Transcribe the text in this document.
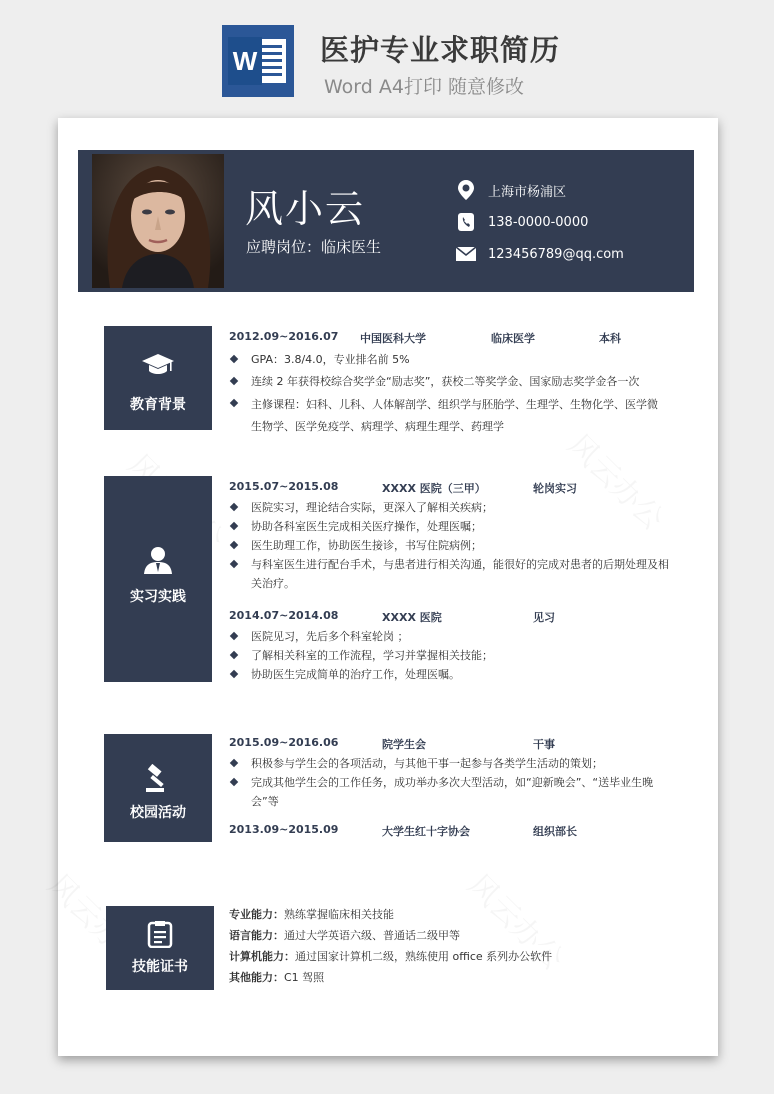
W 医护专业求职简历
Word A4打印 随意修改
风小云
应聘岗位：临床医生
上海市杨浦区
138-0000-0000
123456789@qq.com
教育背景
2012.09~2016.07 中国医科大学	临床医学	本科
GPA：3.8/4.0，专业排名前 5%
连续 2 年获得校综合奖学金“励志奖”，获校二等奖学金、国家励志奖学金各一次
主修课程：妇科、儿科、人体解剖学、组织学与胚胎学、生理学、生物化学、医学微生物学、医学免疫学、病理学、病理生理学、药理学
实习实践
2015.07~2015.08	XXXX 医院（三甲）	轮岗实习
医院实习，理论结合实际，更深入了解相关疾病；
协助各科室医生完成相关医疗操作，处理医嘱；
医生助理工作，协助医生接诊，书写住院病例；
与科室医生进行配台手术，与患者进行相关沟通，能很好的完成对患者的后期处理及相关治疗。
2014.07~2014.08	XXXX 医院	见习
医院见习，先后多个科室轮岗 ；
了解相关科室的工作流程，学习并掌握相关技能；
协助医生完成简单的治疗工作，处理医嘱。
校园活动
2015.09~2016.06	院学生会	干事
积极参与学生会的各项活动，与其他干事一起参与各类学生活动的策划；
完成其他学生会的工作任务，成功举办多次大型活动，如“迎新晚会”、“送毕业生晚会”等
2013.09~2015.09	大学生红十字协会	组织部长
技能证书
专业能力：熟练掌握临床相关技能
语言能力：通过大学英语六级、普通话二级甲等
计算机能力：通过国家计算机二级，熟练使用 office 系列办公软件
其他能力：C1 驾照
